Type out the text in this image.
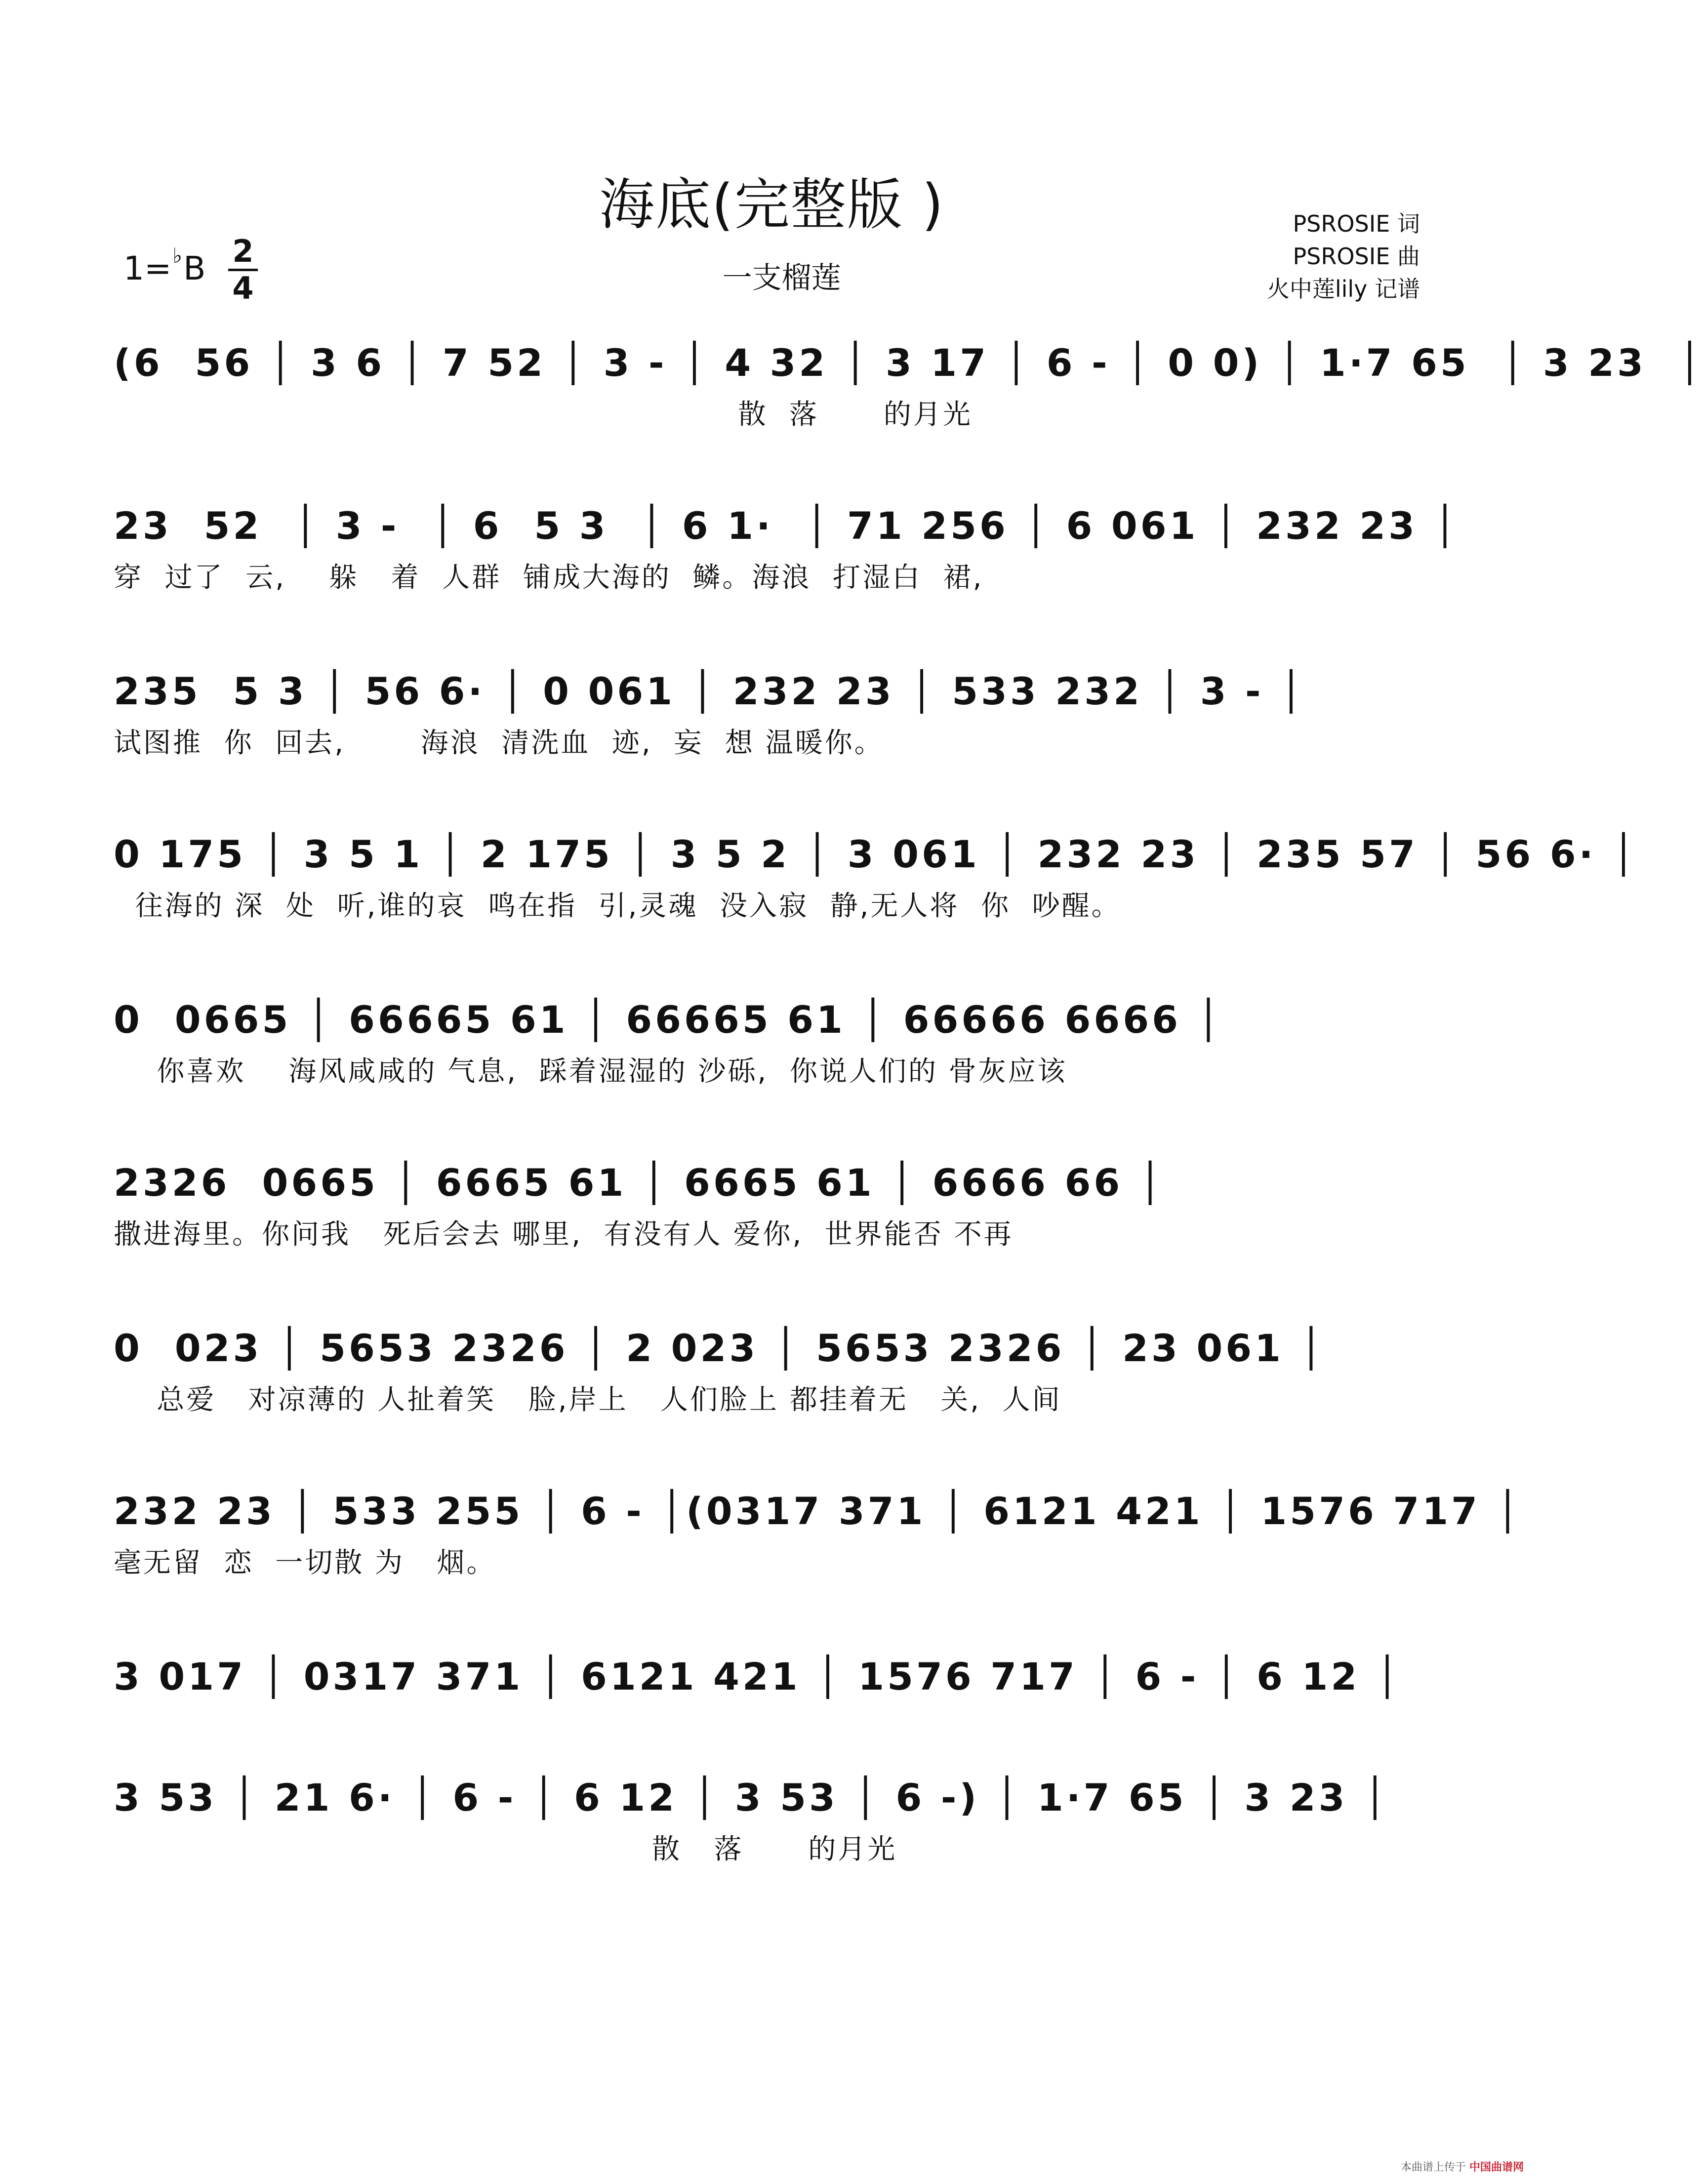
海底(完整版 )
1= ♭ B $\frac{2}{4}$	一支榴莲
PSROSIE 词
PSROSIE 曲
火中莲lily 记谱
(6  56 │ 3 6 │ 7 52 │ 3 - │ 4 32 │ 3 17 │ 6 - │ 0 0) │ 1·7 65  │ 3 23  │
散  落      的月光
23  52  │ 3 -  │ 6  5 3  │ 6 1·  │ 71 256 │ 6 061 │ 232 23 │
穿  过了  云,    躲   着  人群  铺成大海的  鳞。海浪  打湿白  裙,
235  5 3 │ 56 6· │ 0 061 │ 232 23 │ 533 232 │ 3 - │
试图推  你  回去,       海浪  清洗血  迹,  妄  想 温暖你。
0 175 │ 3 5 1 │ 2 175 │ 3 5 2 │ 3 061 │ 232 23 │ 235 57 │ 56 6· │
往海的 深  处  听,谁的哀  鸣在指  引,灵魂  没入寂  静,无人将  你  吵醒。
0  0665 │ 66665 61 │ 66665 61 │ 66666 6666 │
你喜欢    海风咸咸的 气息,  踩着湿湿的 沙砾,  你说人们的 骨灰应该
2326  0665 │ 6665 61 │ 6665 61 │ 6666 66 │
撒进海里。你问我   死后会去 哪里,  有没有人 爱你,  世界能否 不再
0  023 │ 5653 2326 │ 2 023 │ 5653 2326 │ 23 061 │
总爱   对凉薄的 人扯着笑   脸,岸上   人们脸上 都挂着无   关,  人间
232 23 │ 533 255 │ 6 - │(0317 371 │ 6121 421 │ 1576 717 │
毫无留  恋  一切散 为   烟。
3 017 │ 0317 371 │ 6121 421 │ 1576 717 │ 6 - │ 6 12 │
3 53 │ 21 6· │ 6 - │ 6 12 │ 3 53 │ 6 -) │ 1·7 65 │ 3 23 │
散   落      的月光
本曲谱上传于 中国曲谱网
